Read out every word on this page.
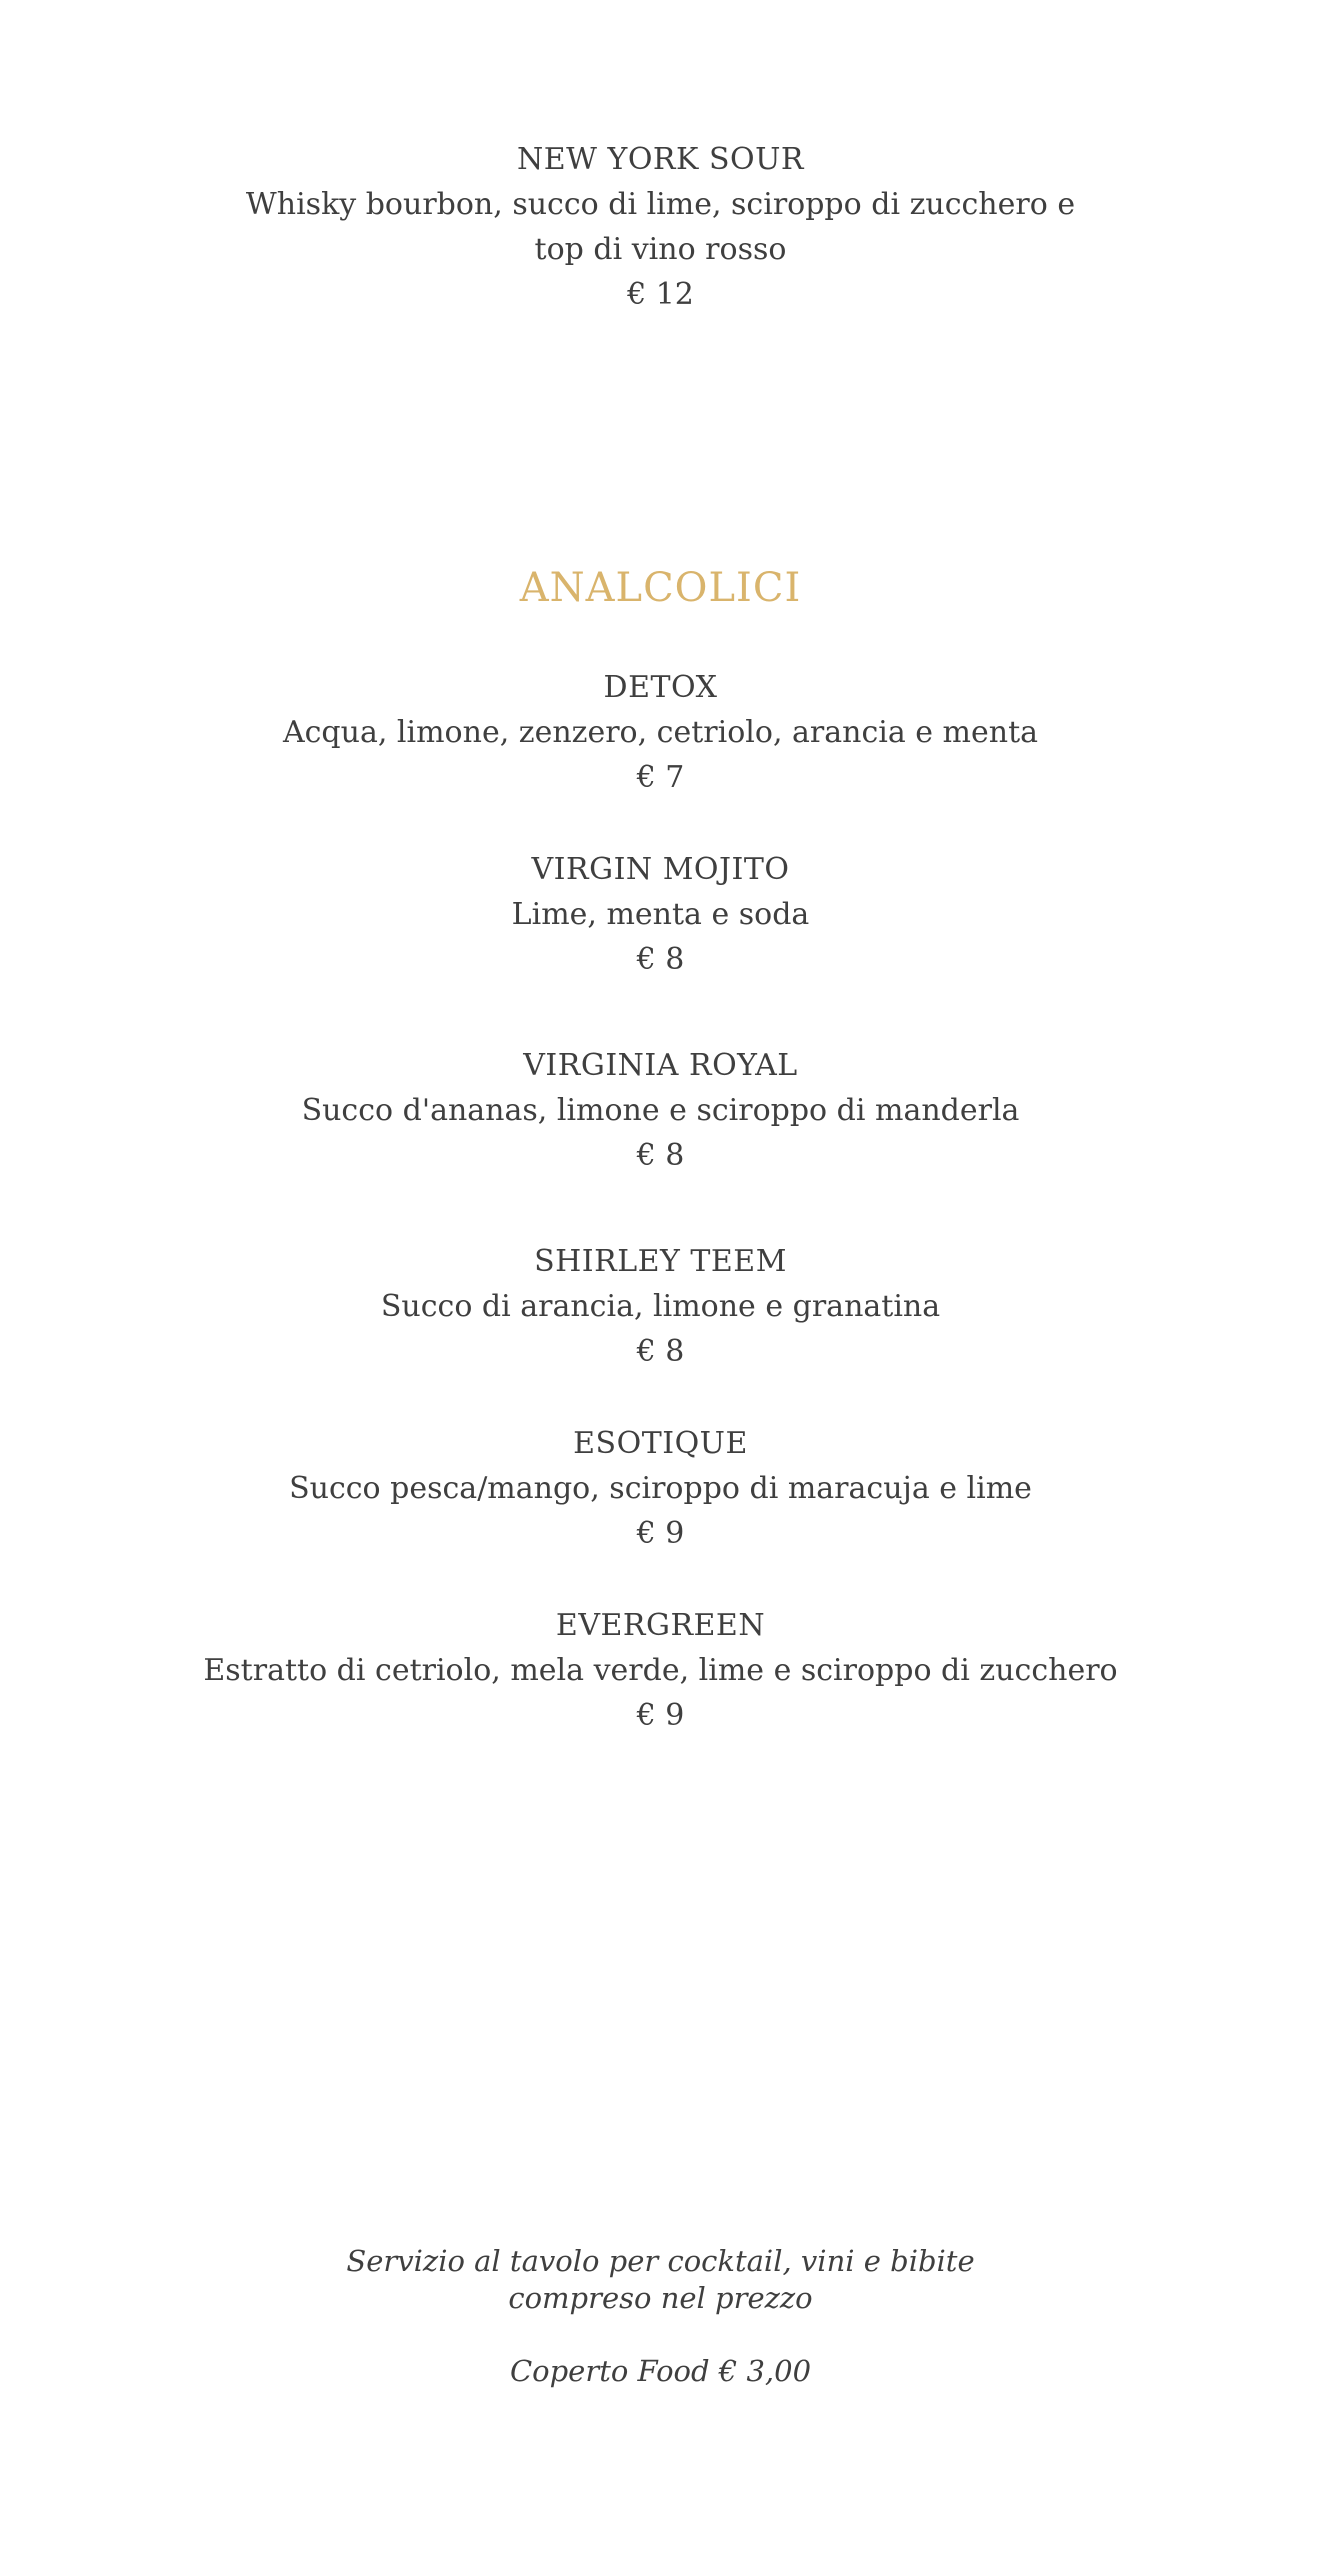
NEW YORK SOUR
Whisky bourbon, succo di lime, sciroppo di zucchero e top di vino rosso
€ 12
ANALCOLICI
DETOX
Acqua, limone, zenzero, cetriolo, arancia e menta
€ 7
VIRGIN MOJITO
Lime, menta e soda
€ 8
VIRGINIA ROYAL
Succo d'ananas, limone e sciroppo di manderla
€ 8
SHIRLEY TEEM
Succo di arancia, limone e granatina
€ 8
ESOTIQUE
Succo pesca/mango, sciroppo di maracuja e lime
€ 9
EVERGREEN
Estratto di cetriolo, mela verde, lime e sciroppo di zucchero
€ 9
Servizio al tavolo per cocktail, vini e bibite compreso nel prezzo
Coperto Food € 3,00
